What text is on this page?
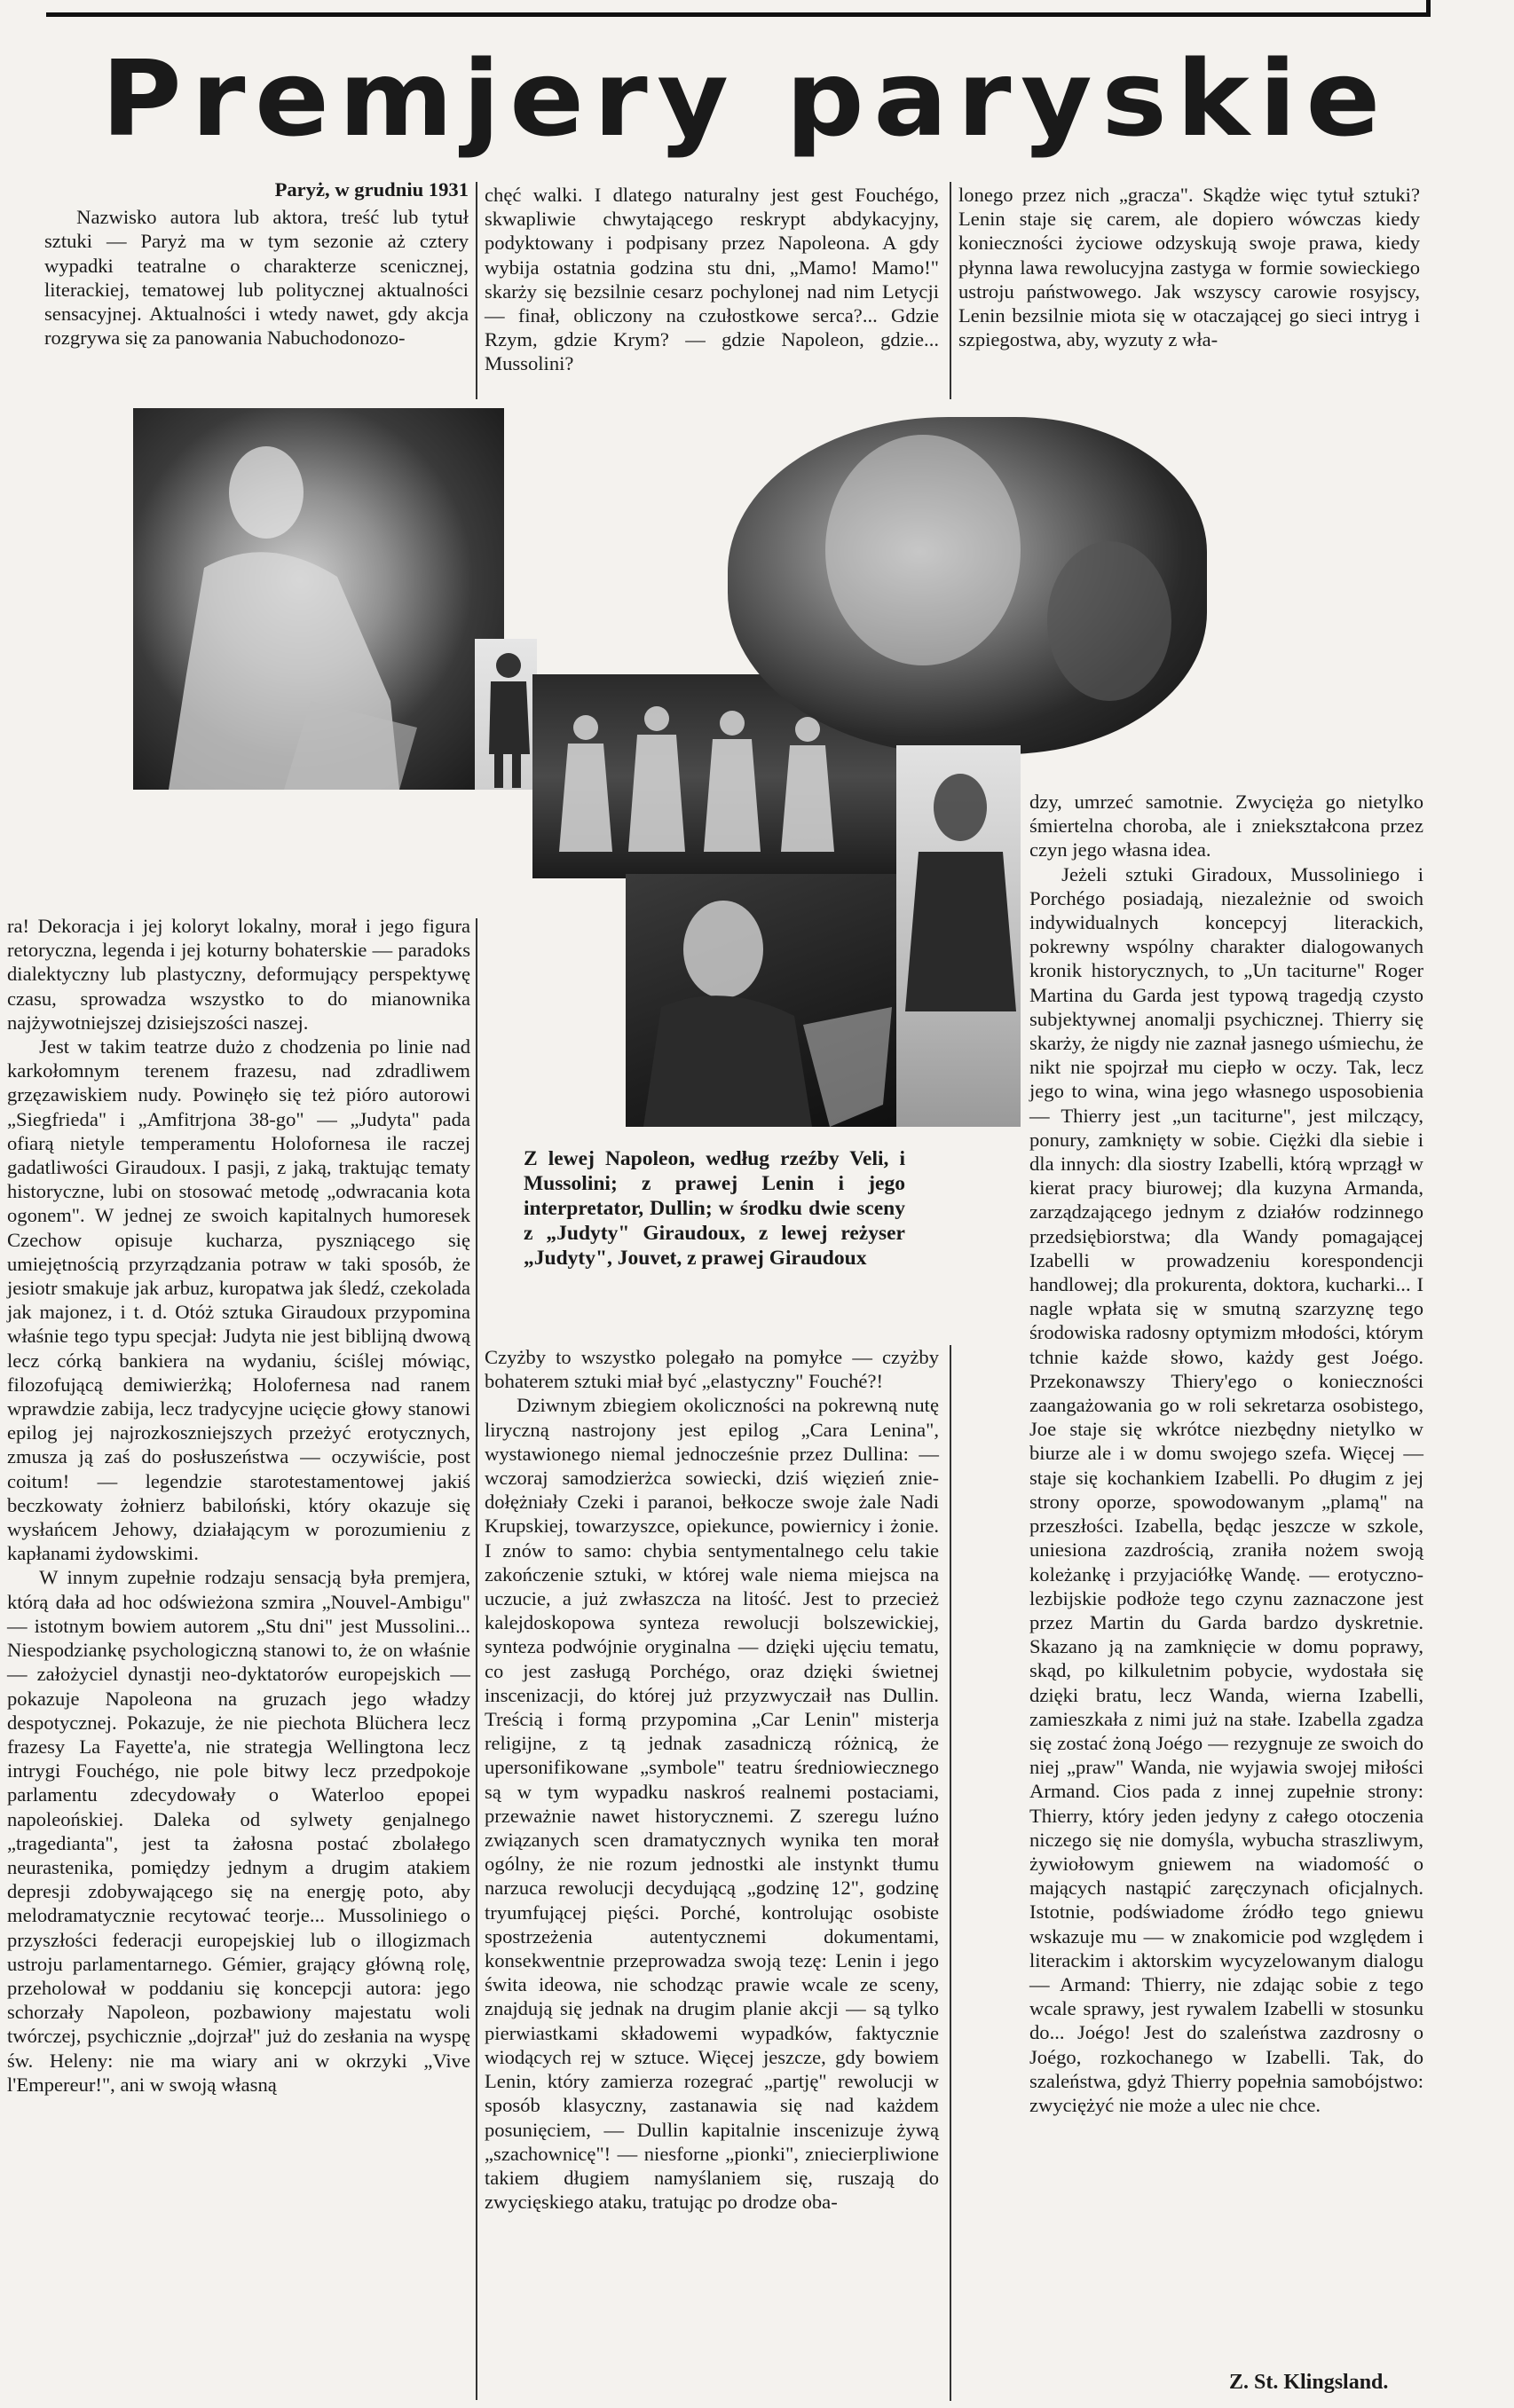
Premjery paryskie
Paryż, w grudniu 1931

Nazwisko autora lub aktora, treść lub tytuł sztuki — Paryż ma w tym sezonie aż cztery wypadki teatralne o charakterze scenicznej, literackiej, tematowej lub politycznej aktualności sensacyjnej. Aktualności i wtedy nawet, gdy akcja rozgrywa się za panowania Nabuchodonozo-

chęć walki. I dlatego naturalny jest gest Fouchégo, skwapliwie chwytającego reskrypt abdykacyjny, podyktowany i podpisany przez Napoleona. A gdy wybija ostatnia godzina stu dni, „Mamo! Mamo!" skarży się bezsilnie cesarz pochylonej nad nim Letycji — finał, obliczony na czułostkowe serca?... Gdzie Rzym, gdzie Krym? — gdzie Napoleon, gdzie... Mussolini?

lonego przez nich „gracza". Skądże więc tytuł sztuki? Lenin staje się carem, ale dopiero wówczas kiedy konieczności życiowe odzyskują swoje prawa, kiedy płynna lawa rewolucyjna zastyga w formie sowieckiego ustroju państwowego. Jak wszyscy carowie rosyjscy, Lenin bezsilnie miota się w otaczającej go sieci intryg i szpiegostwa, aby, wyzuty z wła-

Z lewej Napoleon, według rzeźby Veli, i Mussolini; z prawej Lenin i jego interpretator, Dullin; w środku dwie sceny z „Judyty" Giraudoux, z lewej reżyser „Judyty", Jouvet, z prawej Giraudoux

ra! Dekoracja i jej koloryt lokalny, morał i jego figura retoryczna, legenda i jej koturny bohaterskie — paradoks dialektyczny lub plastyczny, deformujący perspektywę czasu, sprowadza wszystko to do mianownika najżywotniejszej dzisiejszości naszej.

Jest w takim teatrze dużo z chodzenia po linie nad karkołomnym terenem frazesu, nad zdradliwem grzęzawiskiem nudy. Powinęło się też pióro autorowi „Siegfrieda" i „Amfitrjona 38-go" — „Judyta" pada ofiarą nietylе temperamentu Holofornesa ile raczej gadatliwości Giraudoux. I pasji, z jaką, traktując tematy historyczne, lubi on stosować metodę „odwracania kota ogonem". W jednej ze swoich kapitalnych humoresek Czechow opisuje kucharza, pyszniącego się umiejętnością przyrządzania potraw w taki sposób, że jesiotr smakuje jak arbuz, kuropatwa jak śledź, czekolada jak majonez, i t. d. Otóż sztuka Giraudoux przypomina właśnie tego typu specjał: Judyta nie jest biblijną dwową lecz córką bankiera na wydaniu, ściślej mówiąc, filozofującą demiwierżką; Holofernesa nad ranem wprawdzie zabija, lecz tradycyjne ucięcie głowy stanowi epilog jej najrozkoszniejszych przeżyć erotycznych, zmusza ją zaś do posłuszeństwa — oczywiście, post coitum! — legendzie starotestamentowej jakiś beczkowaty żołnierz babiloński, który okazuje się wysłańcem Jehowy, działającym w porozumieniu z kapłanami żydowskimi.

W innym zupełnie rodzaju sensacją była premjera, którą dała ad hoc odświeżona szmira „Nouvel-Ambigu" — istotnym bowiem autorem „Stu dni" jest Mussolini... Niespodziankę psychologiczną stanowi to, że on właśnie — założyciel dynastji neo-dyktatorów europejskich — pokazuje Napoleona na gruzach jego władzy despotycznej. Pokazuje, że nie piechota Blüchera lecz frazesy La Fayette'a, nie strategja Wellingtona lecz intrygi Fouchégo, nie pole bitwy lecz przedpokoje parlamentu zdecydowały o Waterloo epopei napoleońskiej. Daleka od sylwety genjalnego „tragedianta", jest ta żałosna postać zbolałego neurastenika, pomiędzy jednym a drugim atakiem depresji zdobywającego się na energję poto, aby melodramatycznie recytować teorje... Mussoliniego o przyszłości federacji europejskiej lub o illogizmach ustroju parlamentarnego. Gémier, grający główną rolę, przeholował w poddaniu się koncepcji autora: jego schorzały Napoleon, pozbawiony majestatu woli twórczej, psychicznie „dojrzał" już do zesłania na wyspę św. Heleny: nie ma wiary ani w okrzyki „Vive l'Empereur!", ani w swoją własną

Czyżby to wszystko polegało na pomyłce — czyżby bohaterem sztuki miał być „elastyczny" Fouché?!

Dziwnym zbiegiem okoliczności na pokrewną nutę liryczną nastrojony jest epilog „Cara Lenina", wystawionego niemal jednocześnie przez Dullina: — wczoraj samodzierżca sowiecki, dziś więzień znie-dołężniały Czeki i paranoi, bełkocze swoje żale Nadi Krupskiej, towarzyszce, opiekunce, powiernicy i żonie. I znów to samo: chybia sentymentalnego celu takie zakończenie sztuki, w której wale niema miejsca na uczucie, a już zwłaszcza na litość. Jest to przecież kalejdoskopowa synteza rewolucji bolszewickiej, synteza podwójnie oryginalna — dzięki ujęciu tematu, co jest zasługą Porchégo, oraz dzięki świetnej inscenizacji, do której już przyzwyczaił nas Dullin. Treścią i formą przypomina „Car Lenin" misterja religijne, z tą jednak zasadniczą różnicą, że upersonifikowane „symbole" teatru średniowiecznego są w tym wypadku naskroś realnemi postaciami, przeważnie nawet historycznemi. Z szeregu luźno związanych scen dramatycznych wynika ten morał ogólny, że nie rozum jednostki ale instynkt tłumu narzuca rewolucji decydującą „godzinę 12", godzinę tryumfującej pięści. Porché, kontrolując osobiste spostrzeżenia autentycznemi dokumentami, konsekwentnie przeprowadza swoją tezę: Lenin i jego świta ideowa, nie schodząc prawie wcale ze sceny, znajdują się jednak na drugim planie akcji — są tylko pierwiastkami składowemi wypadków, faktycznie wiodących rej w sztuce. Więcej jeszcze, gdy bowiem Lenin, który zamierza rozegrać „partję" rewolucji w sposób klasyczny, zastanawia się nad każdem posunięciem, — Dullin kapitalnie inscenizuje żywą „szachownicę"! — niesforne „pionki", zniecierpliwione takiem długiem namyślaniem się, ruszają do zwycięskiego ataku, tratując po drodze oba-

dzy, umrzeć samotnie. Zwycięża go nietylko śmiertelna choroba, ale i zniekształcona przez czyn jego własna idea.

Jeżeli sztuki Giradoux, Mussoliniego i Porchégo posiadają, niezależnie od swoich indywidualnych koncepcyj literackich, pokrewny wspólny charakter dialogowanych kronik historycznych, to „Un taciturne" Roger Martina du Garda jest typową tragedją czysto subjektywnej anomalji psychicznej. Thierry się skarży, że nigdy nie zaznał jasnego uśmiechu, że nikt nie spojrzał mu ciepło w oczy. Tak, lecz jego to wina, wina jego własnego usposobienia — Thierry jest „un taciturne", jest milczący, ponury, zamknięty w sobie. Ciężki dla siebie i dla innych: dla siostry Izabelli, którą wprzągł w kierat pracy biurowej; dla kuzyna Armanda, zarządzającego jednym z działów rodzinnego przedsiębiorstwa; dla Wandy pomagającej Izabelli w prowadzeniu korespondencji handlowej; dla prokurenta, doktora, kucharki... I nagle wpłata się w smutną szarzyznę tego środowiska radosny optymizm młodości, którym tchnie każde słowo, każdy gest Joégo. Przekonawszy Thiery'ego o konieczności zaangażowania go w roli sekretarza osobistego, Joe staje się wkrótce niezbędny nietylko w biurze ale i w domu swojego szefa. Więcej — staje się kochankiem Izabelli. Po długim z jej strony oporze, spowodowanym „plamą" na przeszłości. Izabella, będąc jeszcze w szkole, uniesiona zazdrością, zraniła nożem swoją koleżankę i przyjaciółkę Wandę. — erotyczno-lezbijskie podłoże tego czynu zaznaczone jest przez Martin du Garda bardzo dyskretnie. Skazano ją na zamknięcie w domu poprawy, skąd, po kilkuletnim pobycie, wydostała się dzięki bratu, lecz Wanda, wierna Izabelli, zamieszkała z nimi już na stałe. Izabella zgadza się zostać żoną Joégo — rezygnuje ze swoich do niej „praw" Wanda, nie wyjawia swojej miłości Armand. Cios pada z innej zupełnie strony: Thierry, który jeden jedyny z całego otoczenia niczego się nie domyśla, wybucha straszliwym, żywiołowym gniewem na wiadomość o mających nastąpić zaręczynach oficjalnych. Istotnie, podświadome źródło tego gniewu wskazuje mu — w znakomicie pod względem i literackim i aktorskim wycyzelowanym dialogu — Armand: Thierry, nie zdając sobie z tego wcale sprawy, jest rywalem Izabelli w stosunku do... Joégo! Jest do szaleństwa zazdrosny o Joégo, rozkochanego w Izabelli. Tak, do szaleństwa, gdyż Thierry popełnia samobójstwo: zwyciężyć nie może a ulec nie chce.

Z. St. Klingsland.
